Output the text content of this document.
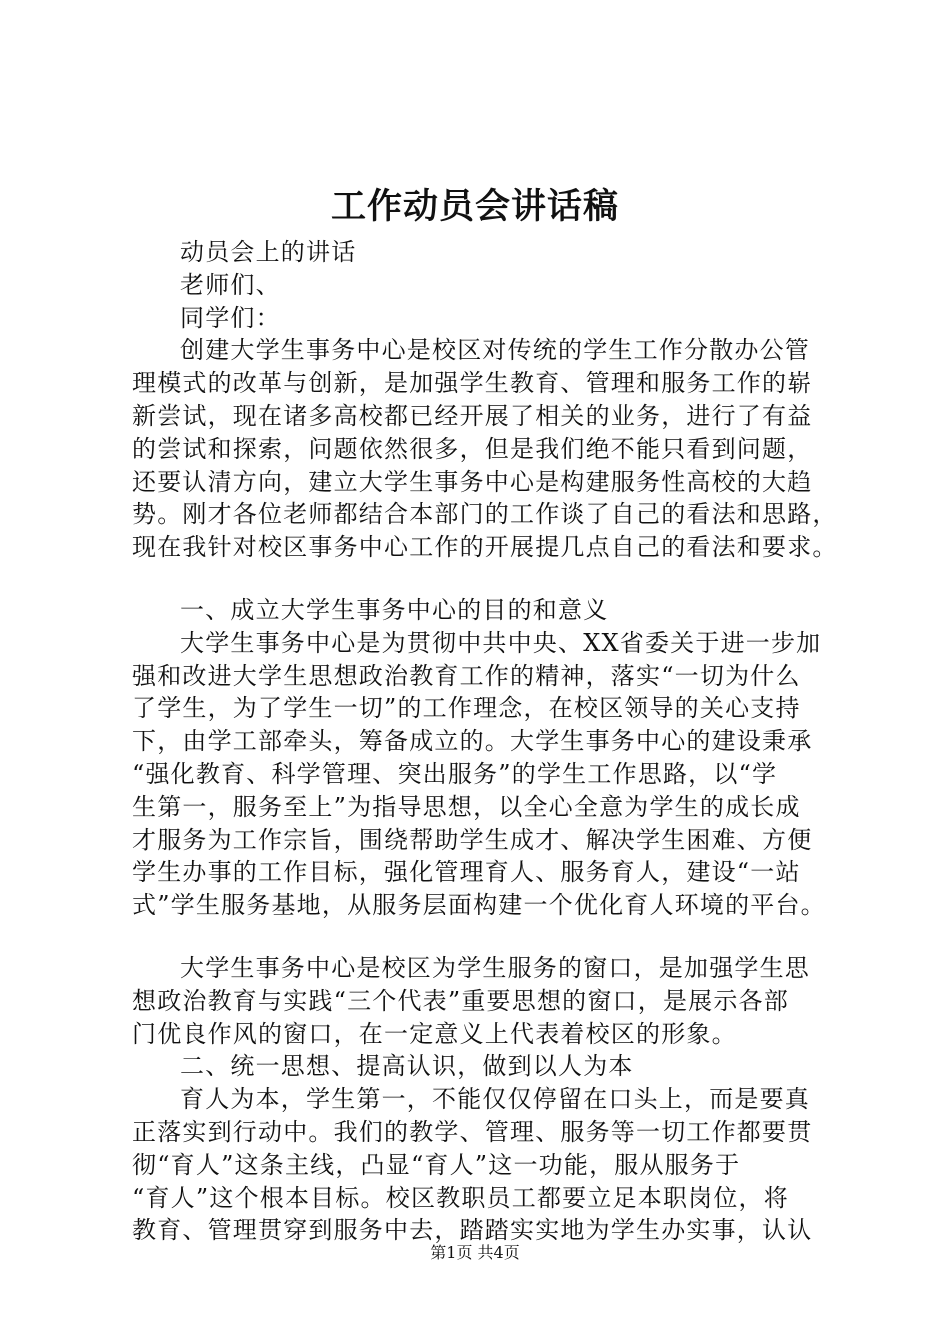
工作动员会讲话稿
动员会上的讲话
老师们、
同学们：
创建大学生事务中心是校区对传统的学生工作分散办公管
理模式的改革与创新，是加强学生教育、管理和服务工作的崭
新尝试，现在诸多高校都已经开展了相关的业务，进行了有益
的尝试和探索，问题依然很多，但是我们绝不能只看到问题，
还要认清方向，建立大学生事务中心是构建服务性高校的大趋
势。刚才各位老师都结合本部门的工作谈了自己的看法和思路，
现在我针对校区事务中心工作的开展提几点自己的看法和要求。
一、成立大学生事务中心的目的和意义
大学生事务中心是为贯彻中共中央、XX省委关于进一步加
强和改进大学生思想政治教育工作的精神，落实“一切为什么
了学生，为了学生一切”的工作理念，在校区领导的关心支持
下，由学工部牵头，筹备成立的。大学生事务中心的建设秉承
“强化教育、科学管理、突出服务”的学生工作思路，以“学
生第一，服务至上”为指导思想，以全心全意为学生的成长成
才服务为工作宗旨，围绕帮助学生成才、解决学生困难、方便
学生办事的工作目标，强化管理育人、服务育人，建设“一站
式”学生服务基地，从服务层面构建一个优化育人环境的平台。
大学生事务中心是校区为学生服务的窗口，是加强学生思
想政治教育与实践“三个代表”重要思想的窗口，是展示各部
门优良作风的窗口，在一定意义上代表着校区的形象。
二、统一思想、提高认识，做到以人为本
育人为本，学生第一，不能仅仅停留在口头上，而是要真
正落实到行动中。我们的教学、管理、服务等一切工作都要贯
彻“育人”这条主线，凸显“育人”这一功能，服从服务于
“育人”这个根本目标。校区教职员工都要立足本职岗位，将
教育、管理贯穿到服务中去，踏踏实实地为学生办实事，认认
第1页 共4页
